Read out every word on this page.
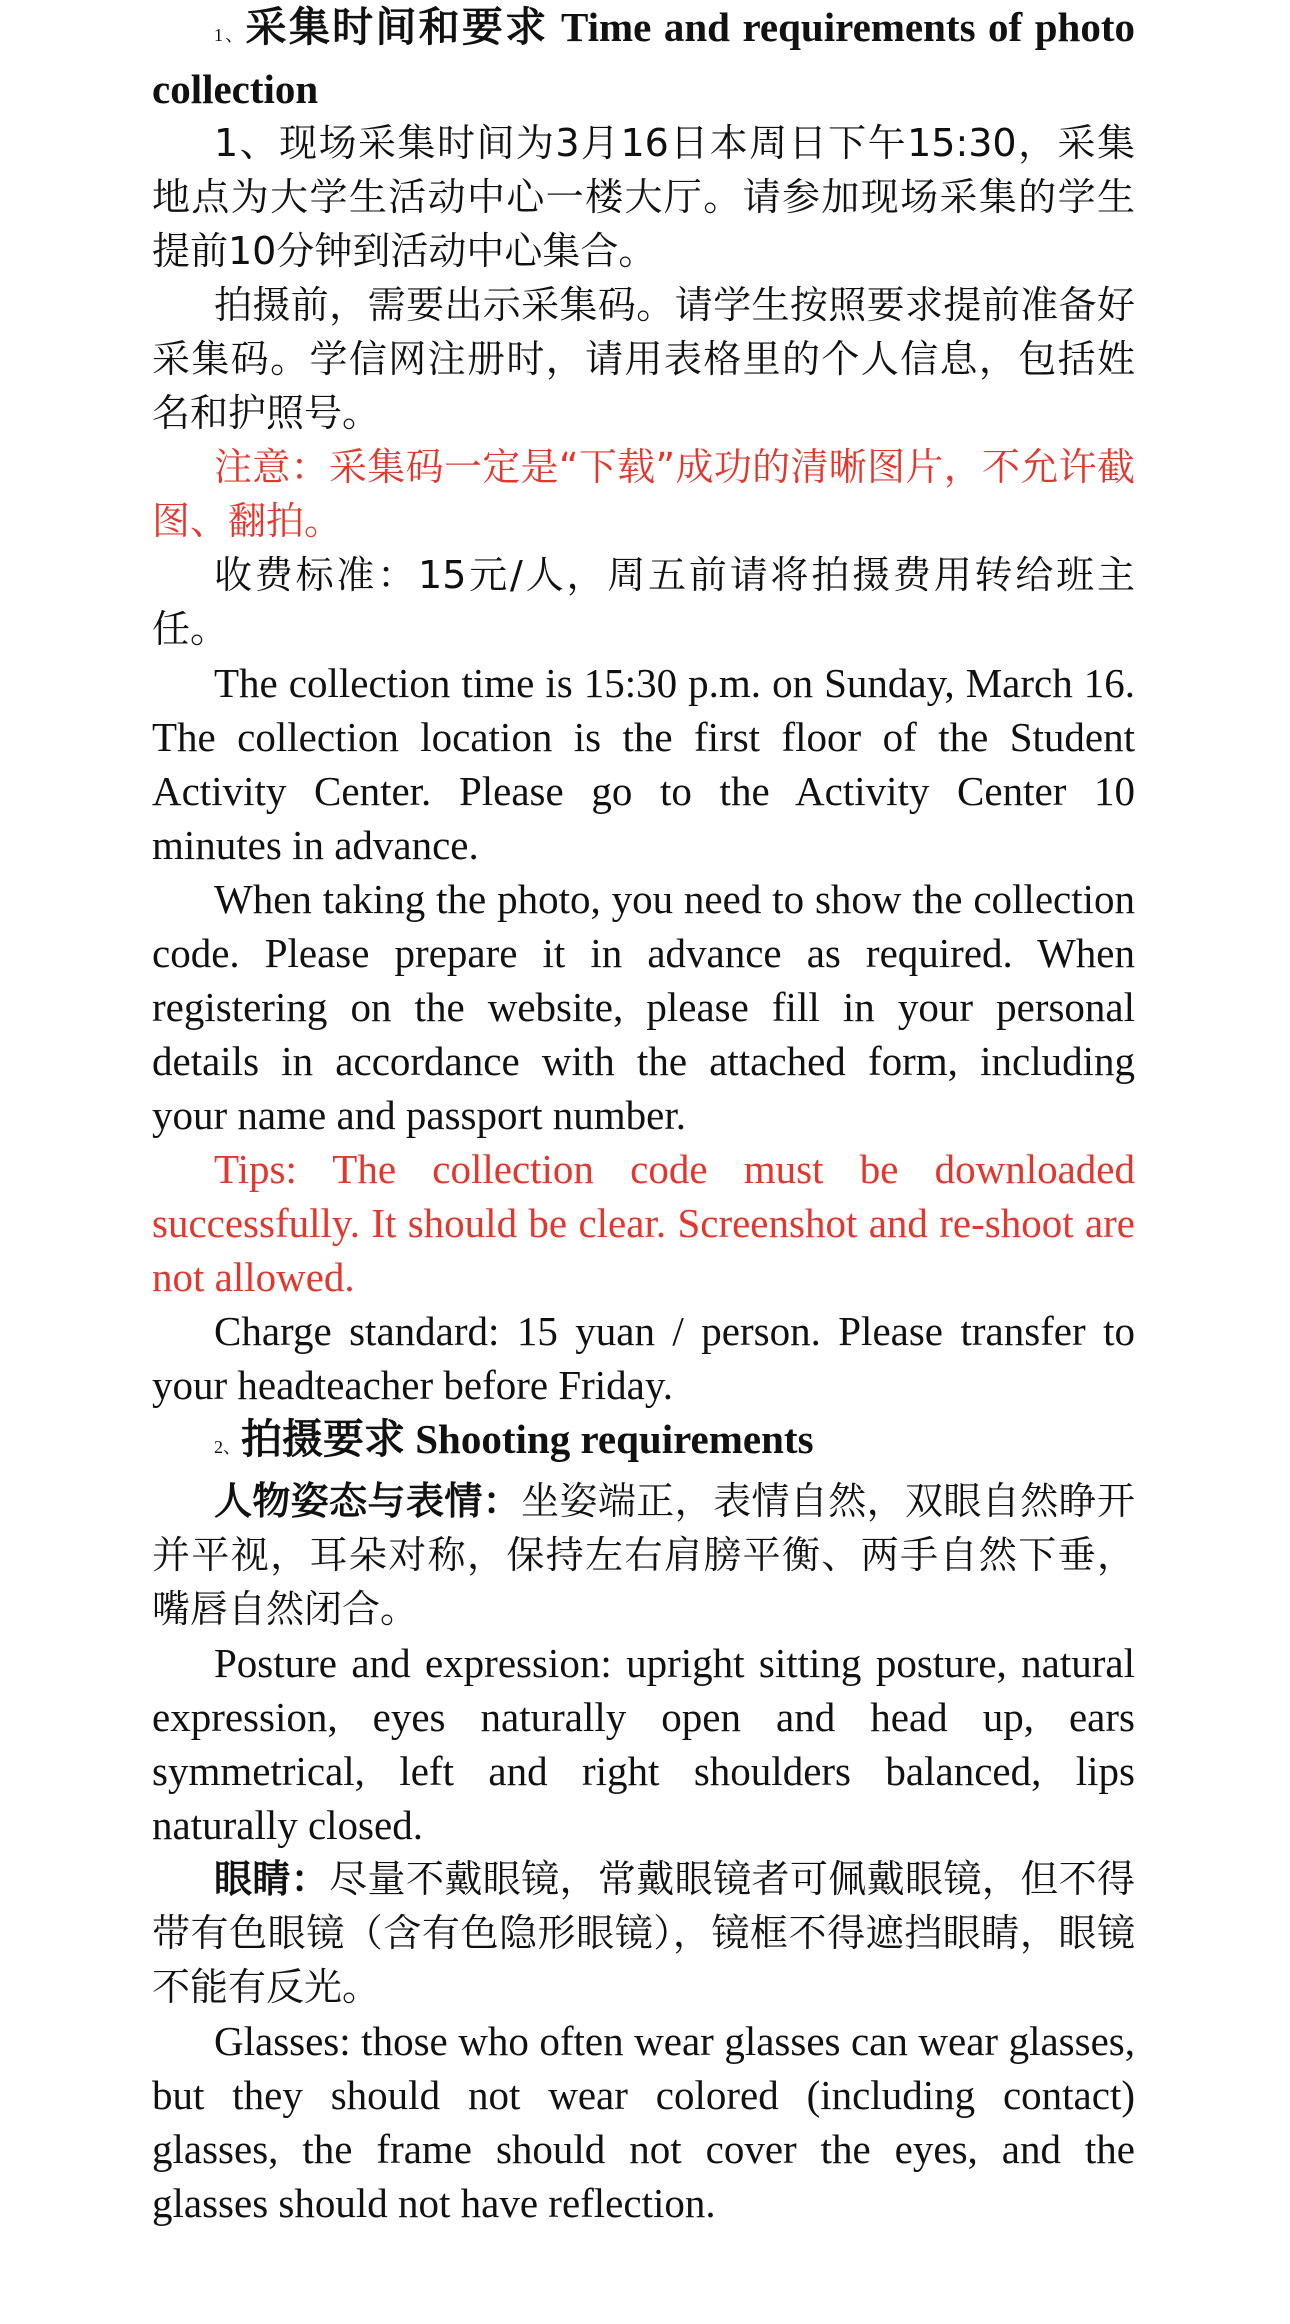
1、采集时间和要求 Time and requirements of photo collection

1、现场采集时间为3月16日本周日下午15:30，采集地点为大学生活动中心一楼大厅。请参加现场采集的学生提前10分钟到活动中心集合。

拍摄前，需要出示采集码。请学生按照要求提前准备好采集码。学信网注册时，请用表格里的个人信息，包括姓名和护照号。

注意：采集码一定是“下载”成功的清晰图片，不允许截图、翻拍。

收费标准：15元/人，周五前请将拍摄费用转给班主任。

The collection time is 15:30 p.m. on Sunday, March 16. The collection location is the first floor of the Student Activity Center. Please go to the Activity Center 10 minutes in advance.

When taking the photo, you need to show the collection code. Please prepare it in advance as required. When registering on the website, please fill in your personal details in accordance with the attached form, including your name and passport number.

Tips: The collection code must be downloaded successfully. It should be clear. Screenshot and re-shoot are not allowed.

Charge standard: 15 yuan / person. Please transfer to your headteacher before Friday.

2、拍摄要求 Shooting requirements

人物姿态与表情：坐姿端正，表情自然，双眼自然睁开并平视，耳朵对称，保持左右肩膀平衡、两手自然下垂，嘴唇自然闭合。

Posture and expression: upright sitting posture, natural expression, eyes naturally open and head up, ears symmetrical, left and right shoulders balanced, lips naturally closed.

眼睛：尽量不戴眼镜，常戴眼镜者可佩戴眼镜，但不得带有色眼镜（含有色隐形眼镜），镜框不得遮挡眼睛，眼镜不能有反光。

Glasses: those who often wear glasses can wear glasses, but they should not wear colored (including contact) glasses, the frame should not cover the eyes, and the glasses should not have reflection.
